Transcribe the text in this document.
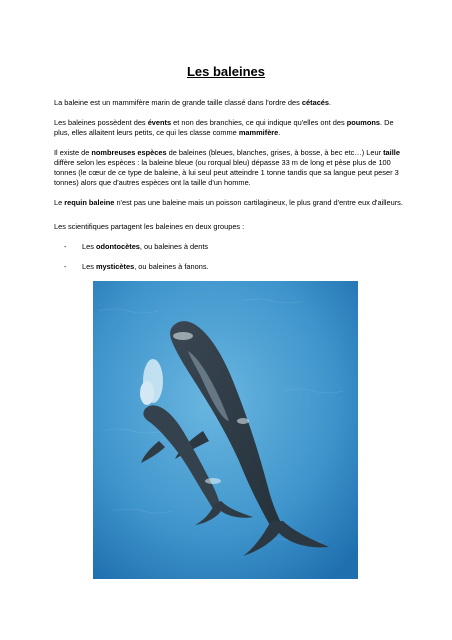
Les baleines

La baleine est un mammifère marin de grande taille classé dans l'ordre des cétacés.

Les baleines possèdent des évents et non des branchies, ce qui indique qu'elles ont des poumons. De plus, elles allaitent leurs petits, ce qui les classe comme mammifère.

Il existe de nombreuses espèces de baleines (bleues, blanches, grises, à bosse, à bec etc…) Leur taille diffère selon les espèces : la baleine bleue (ou rorqual bleu) dépasse 33 m de long et pèse plus de 100 tonnes (le cœur de ce type de baleine, à lui seul peut atteindre 1 tonne tandis que sa langue peut peser 3 tonnes) alors que d'autres espèces ont la taille d'un homme.

Le requin baleine n'est pas une baleine mais un poisson cartilagineux, le plus grand d'entre eux d'ailleurs.

Les scientifiques partagent les baleines en deux groupes :

- Les odontocètes, ou baleines à dents
- Les mysticètes, ou baleines à fanons.
